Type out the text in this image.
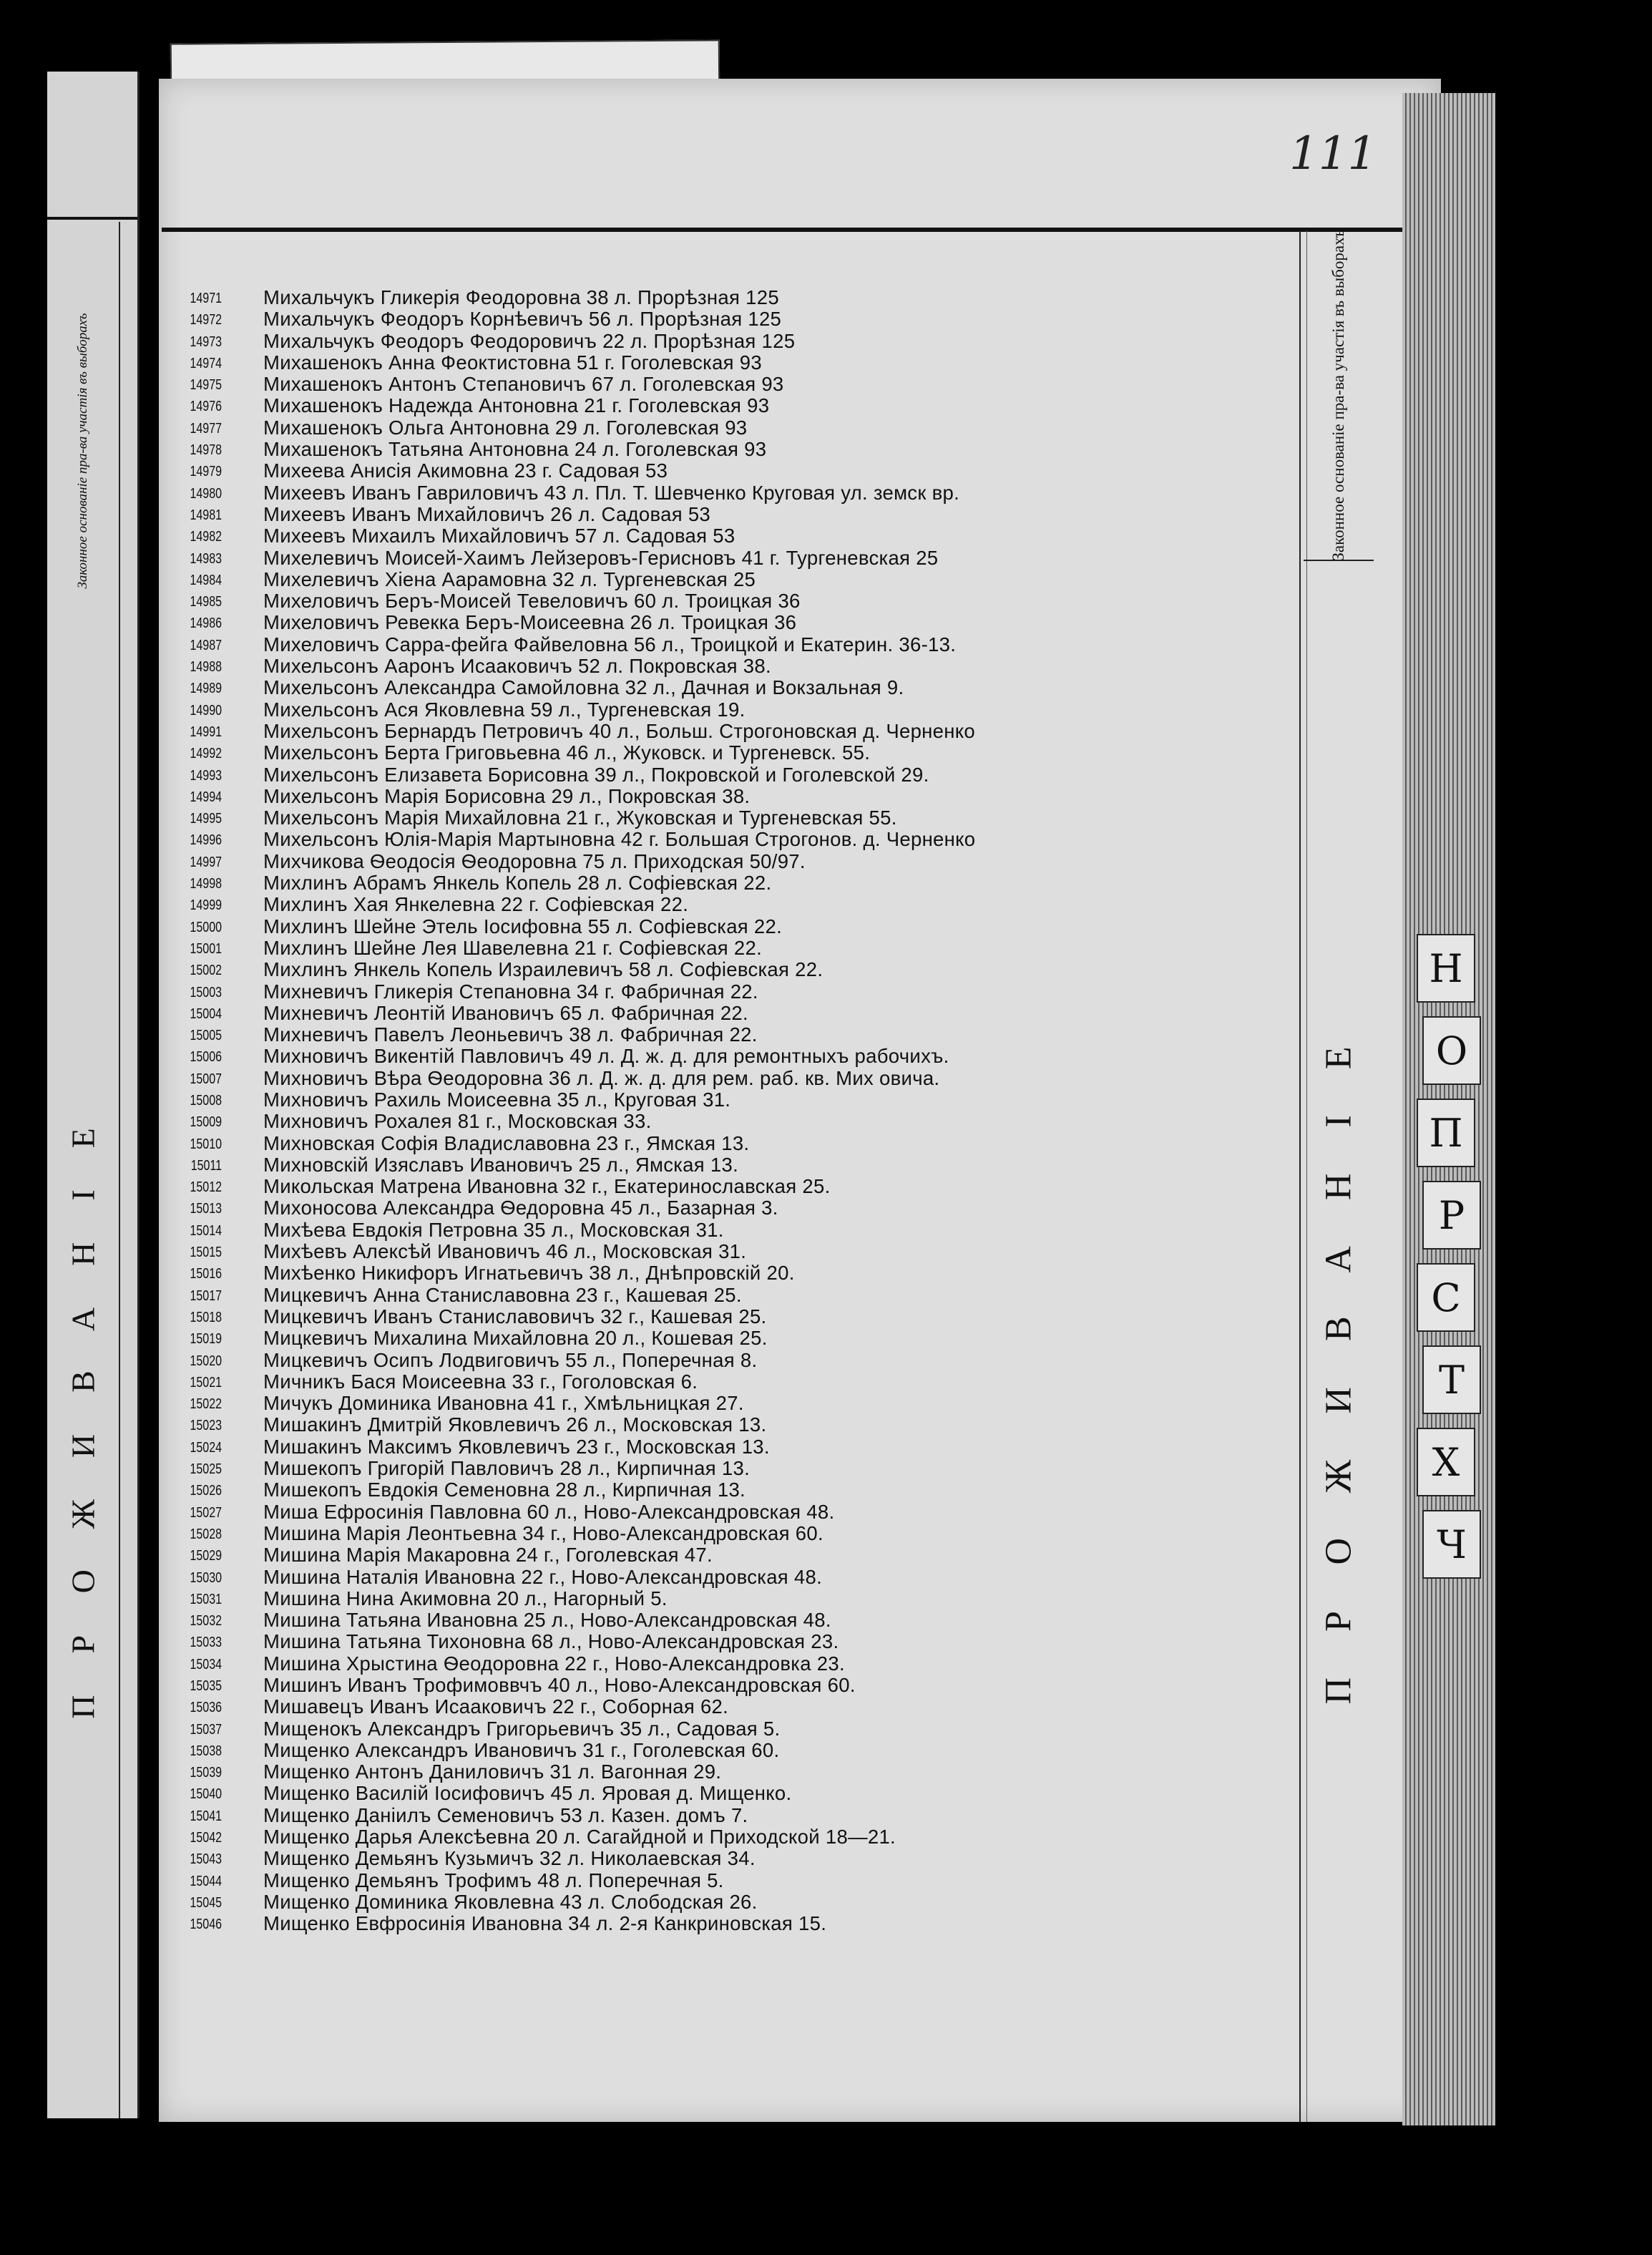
Законное основаніе пра-ва участія въ выборахъ
ПРОЖИВАНІЕ
111
14971 Михальчукъ Гликерія Феодоровна 38 л. Прорѣзная 125
14972 Михальчукъ Феодоръ Корнѣевичъ 56 л. Прорѣзная 125
14973 Михальчукъ Феодоръ Феодоровичъ 22 л. Прорѣзная 125
14974 Михашенокъ Анна Феоктистовна 51 г. Гоголевская 93
14975 Михашенокъ Антонъ Степановичъ 67 л. Гоголевская 93
14976 Михашенокъ Надежда Антоновна 21 г. Гоголевская 93
14977 Михашенокъ Ольга Антоновна 29 л. Гоголевская 93
14978 Михашенокъ Татьяна Антоновна 24 л. Гоголевская 93
14979 Михеева Анисія Акимовна 23 г. Садовая 53
14980 Михеевъ Иванъ Гавриловичъ 43 л. Пл. Т. Шевченко Круговая ул. земск вр.
14981 Михеевъ Иванъ Михайловичъ 26 л. Садовая 53
14982 Михеевъ Михаилъ Михайловичъ 57 л. Садовая 53
14983 Михелевичъ Моисей-Хаимъ Лейзеровъ-Герисновъ 41 г. Тургеневская 25
14984 Михелевичъ Хіена Аарамовна 32 л. Тургеневская 25
14985 Михеловичъ Беръ-Моисей Тевеловичъ 60 л. Троицкая 36
14986 Михеловичъ Ревекка Беръ-Моисеевна 26 л. Троицкая 36
14987 Михеловичъ Сарра-фейга Файвеловна 56 л., Троицкой и Екатерин. 36-13.
14988 Михельсонъ Ааронъ Исааковичъ 52 л. Покровская 38.
14989 Михельсонъ Александра Самойловна 32 л., Дачная и Вокзальная 9.
14990 Михельсонъ Ася Яковлевна 59 л., Тургеневская 19.
14991 Михельсонъ Бернардъ Петровичъ 40 л., Больш. Строгоновская д. Черненко
14992 Михельсонъ Берта Григовьевна 46 л., Жуковск. и Тургеневск. 55.
14993 Михельсонъ Елизавета Борисовна 39 л., Покровской и Гоголевской 29.
14994 Михельсонъ Марія Борисовна 29 л., Покровская 38.
14995 Михельсонъ Марія Михайловна 21 г., Жуковская и Тургеневская 55.
14996 Михельсонъ Юлія-Марія Мартыновна 42 г. Большая Строгонов. д. Черненко
14997 Михчикова Ѳеодосія Ѳеодоровна 75 л. Приходская 50/97.
14998 Михлинъ Абрамъ Янкель Копель 28 л. Софіевская 22.
14999 Михлинъ Хая Янкелевна 22 г. Софіевская 22.
15000 Михлинъ Шейне Этель Іосифовна 55 л. Софіевская 22.
15001 Михлинъ Шейне Лея Шавелевна 21 г. Софіевская 22.
15002 Михлинъ Янкель Копель Израилевичъ 58 л. Софіевская 22.
15003 Михневичъ Гликерія Степановна 34 г. Фабричная 22.
15004 Михневичъ Леонтій Ивановичъ 65 л. Фабричная 22.
15005 Михневичъ Павелъ Леоньевичъ 38 л. Фабричная 22.
15006 Михновичъ Викентій Павловичъ 49 л. Д. ж. д. для ремонтныхъ рабочихъ.
15007 Михновичъ Вѣра Ѳеодоровна 36 л. Д. ж. д. для рем. раб. кв. Мих овича.
15008 Михновичъ Рахиль Моисеевна 35 л., Круговая 31.
15009 Михновичъ Рохалея 81 г., Московская 33.
15010 Михновская Софія Владиславовна 23 г., Ямская 13.
15011 Михновскій Изяславъ Ивановичъ 25 л., Ямская 13.
15012 Микольская Матрена Ивановна 32 г., Екатеринославская 25.
15013 Михоносова Александра Ѳедоровна 45 л., Базарная 3.
15014 Михѣева Евдокія Петровна 35 л., Московская 31.
15015 Михѣевъ Алексѣй Ивановичъ 46 л., Московская 31.
15016 Михѣенко Никифоръ Игнатьевичъ 38 л., Днѣпровскій 20.
15017 Мицкевичъ Анна Станиславовна 23 г., Кашевая 25.
15018 Мицкевичъ Иванъ Станиславовичъ 32 г., Кашевая 25.
15019 Мицкевичъ Михалина Михайловна 20 л., Кошевая 25.
15020 Мицкевичъ Осипъ Лодвиговичъ 55 л., Поперечная 8.
15021 Мичникъ Бася Моисеевна 33 г., Гоголовская 6.
15022 Мичукъ Доминика Ивановна 41 г., Хмѣльницкая 27.
15023 Мишакинъ Дмитрій Яковлевичъ 26 л., Московская 13.
15024 Мишакинъ Максимъ Яковлевичъ 23 г., Московская 13.
15025 Мишекопъ Григорій Павловичъ 28 л., Кирпичная 13.
15026 Мишекопъ Евдокія Семеновна 28 л., Кирпичная 13.
15027 Миша Ефросинія Павловна 60 л., Ново-Александровская 48.
15028 Мишина Марія Леонтьевна 34 г., Ново-Александровская 60.
15029 Мишина Марія Макаровна 24 г., Гоголевская 47.
15030 Мишина Наталія Ивановна 22 г., Ново-Александровская 48.
15031 Мишина Нина Акимовна 20 л., Нагорный 5.
15032 Мишина Татьяна Ивановна 25 л., Ново-Александровская 48.
15033 Мишина Татьяна Тихоновна 68 л., Ново-Александровская 23.
15034 Мишина Хрыстина Ѳеодоровна 22 г., Ново-Александровка 23.
15035 Мишинъ Иванъ Трофимоввчъ 40 л., Ново-Александровская 60.
15036 Мишавецъ Иванъ Исааковичъ 22 г., Соборная 62.
15037 Мищенокъ Александръ Григорьевичъ 35 л., Садовая 5.
15038 Мищенко Александръ Ивановичъ 31 г., Гоголевская 60.
15039 Мищенко Антонъ Даниловичъ 31 л. Вагонная 29.
15040 Мищенко Василій Іосифовичъ 45 л. Яровая д. Мищенко.
15041 Мищенко Даніилъ Семеновичъ 53 л. Казен. домъ 7.
15042 Мищенко Дарья Алексѣевна 20 л. Сагайдной и Приходской 18—21.
15043 Мищенко Демьянъ Кузьмичъ 32 л. Николаевская 34.
15044 Мищенко Демьянъ Трофимъ 48 л. Поперечная 5.
15045 Мищенко Доминика Яковлевна 43 л. Слободская 26.
15046 Мищенко Евфросинія Ивановна 34 л. 2-я Канкриновская 15.
Законное основаніе пра-ва участія въ выборахъ
ПРОЖИВАНІЕ
Н
О
П
Р
С
Т
Х
Ч
